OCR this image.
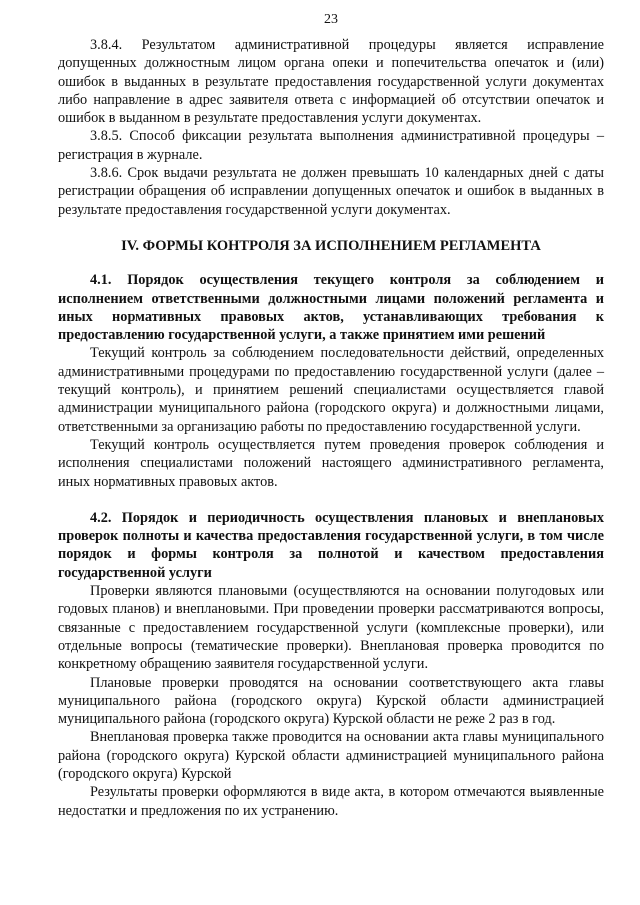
23

3.8.4. Результатом административной процедуры является исправление допущенных должностным лицом органа опеки и попечительства опечаток и (или) ошибок в выданных в результате предоставления государственной услуги документах либо направление в адрес заявителя ответа с информацией об отсутствии опечаток и ошибок в выданном в результате предоставления услуги документах.

3.8.5. Способ фиксации результата выполнения административной процедуры – регистрация в журнале.

3.8.6. Срок выдачи результата не должен превышать 10 календарных дней с даты регистрации обращения об исправлении допущенных опечаток и ошибок в выданных в результате предоставления государственной услуги документах.

IV. ФОРМЫ КОНТРОЛЯ ЗА ИСПОЛНЕНИЕМ РЕГЛАМЕНТА

4.1. Порядок осуществления текущего контроля за соблюдением и исполнением ответственными должностными лицами положений регламента и иных нормативных правовых актов, устанавливающих требования к предоставлению государственной услуги, а также принятием ими решений

Текущий контроль за соблюдением последовательности действий, определенных административными процедурами по предоставлению государственной услуги (далее – текущий контроль), и принятием решений специалистами осуществляется главой администрации муниципального района (городского округа) и должностными лицами, ответственными за организацию работы по предоставлению государственной услуги.

Текущий контроль осуществляется путем проведения проверок соблюдения и исполнения специалистами положений настоящего административного регламента, иных нормативных правовых актов.

4.2. Порядок и периодичность осуществления плановых и внеплановых проверок полноты и качества предоставления государственной услуги, в том числе порядок и формы контроля за полнотой и качеством предоставления государственной услуги

Проверки являются плановыми (осуществляются на основании полугодовых или годовых планов) и внеплановыми. При проведении проверки рассматриваются вопросы, связанные с предоставлением государственной услуги (комплексные проверки), или отдельные вопросы (тематические проверки). Внеплановая проверка проводится по конкретному обращению заявителя государственной услуги.

Плановые проверки проводятся на основании соответствующего акта главы муниципального района (городского округа) Курской области администрацией муниципального района (городского округа) Курской области не реже 2 раз в год.

Внеплановая проверка также проводится на основании акта главы муниципального района (городского округа) Курской области администрацией муниципального района (городского округа) Курской

Результаты проверки оформляются в виде акта, в котором отмечаются выявленные недостатки и предложения по их устранению.
